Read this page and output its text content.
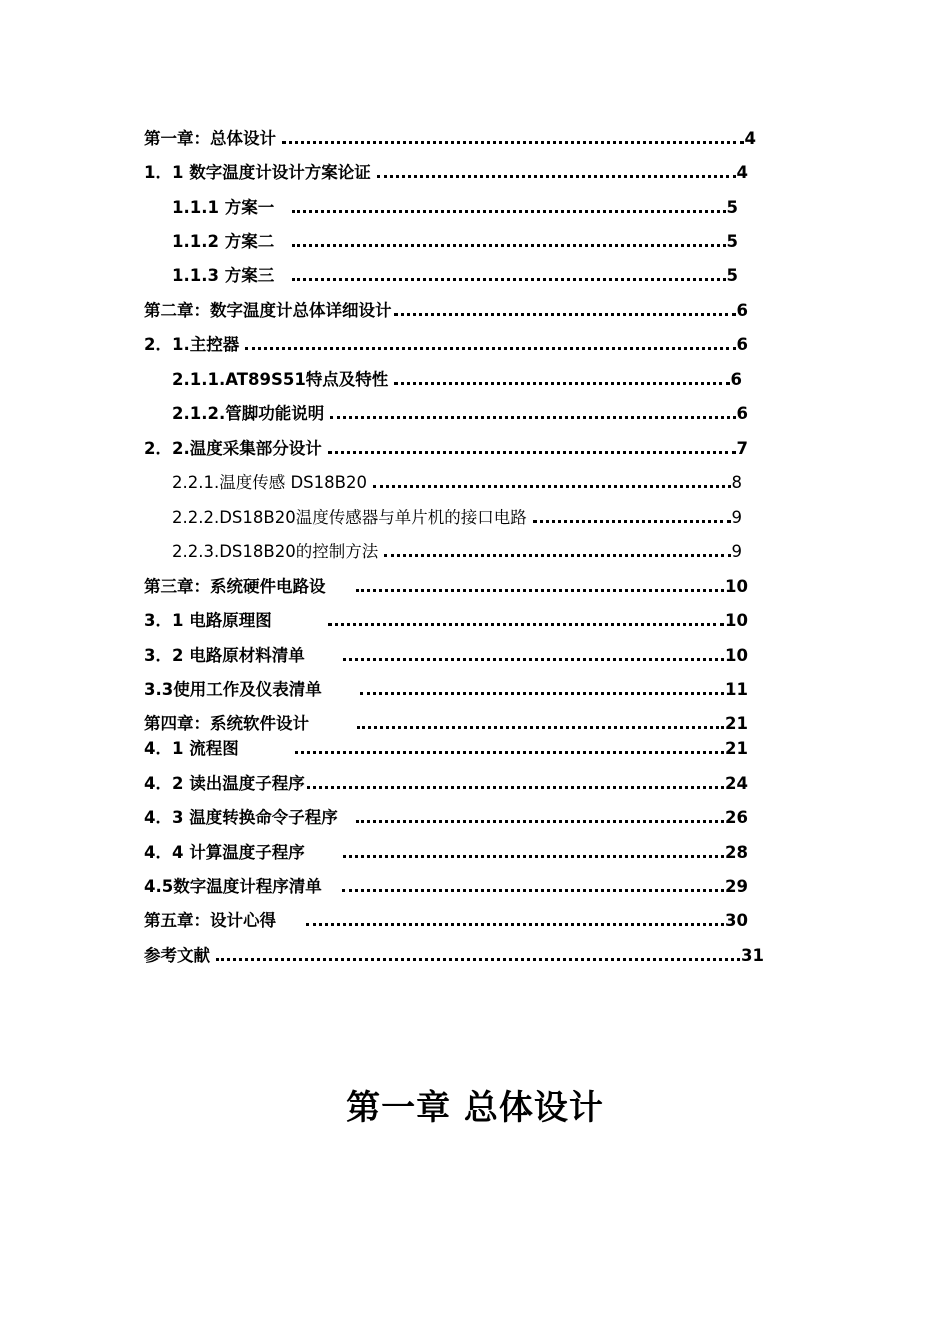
第一章：总体设计	4
1．1 数字温度计设计方案论证	4
1.1.1 方案一	5
1.1.2 方案二	5
1.1.3 方案三	5
第二章：数字温度计总体详细设计	6
2．1.主控器	6
2.1.1.AT89S51特点及特性	6
2.1.2.管脚功能说明	6
2．2.温度采集部分设计	7
2.2.1.温度传感 DS18B20	8
2.2.2.DS18B20温度传感器与单片机的接口电路	9
2.2.3.DS18B20的控制方法	9
第三章：系统硬件电路设	10
3．1 电路原理图	10
3．2 电路原材料清单	10
3.3使用工作及仪表清单	11
第四章：系统软件设计	21
4．1 流程图	21
4．2 读出温度子程序	24
4．3 温度转换命令子程序	26
4．4 计算温度子程序	28
4.5数字温度计程序清单	29
第五章：设计心得	30
参考文献	31
第一章 总体设计
